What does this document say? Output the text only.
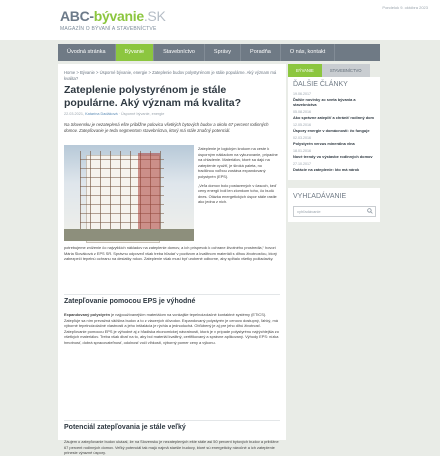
ABC-bývanie.SK
MAGAZÍN O BÝVANÍ A STAVEBNÍCTVE
Pondelok 9. októbra 2023
Úvodná stránka	Bývanie	Stavebníctvo	Správy	Poradňa	O nás, kontakt
Home > Bývanie > Úsporné bývanie, energie > Zateplenie budov polystyrénom je stále populárne. Aký význam má kvalita?
Zateplenie polystyrénom je stále populárne. Aký význam má kvalita?
22.03.2021, Katarína Dadáková · Úsporné bývanie, energie
Na Slovensku je nezateplená ešte približne polovica všetkých bytových budov a okolo 67 percent rodinných domov. Zatepľovanie je teda segmentom stavebníctva, ktorý má stále značný potenciál.
Zateplenie je logickým krokom na ceste k úsporným nákladom na vykurovanie, prípadne na chladenie. Materiálov, ktoré sa dajú na zateplenie využiť, je široká paleta, no tradičnou voľbou zostáva expandovaný polystyrén (EPS).
„Veľa domov bolo postavených v časoch, keď ceny energií boli len zlomkom toho, čo budú dnes. Otázka energetických úspor stále rastie ako jedna z nich.
potrebujeme zníženie čo najvyšších nákladov na zateplenie domov, a ich príspevok k ochrane životného prostredia,“ hovorí Mária Slováková z EPS SR. Správnu odpoveď však treba hľadať v poctivom a kvalitnom materiáli s dlhou životnosťou, ktorý zabezpečí tepelnú ochranu na desiatky rokov. Zateplenie však musí byť urobené odborne, aby spĺňalo všetky požiadavky.
Zatepľovanie pomocou EPS je výhodné
Expandovaný polystyrén je najpoužívanejším materiálom na vonkajšie tepelnoizolačné kontaktné systémy (ETICS). Zatepľuje sa ním prevažná väčšina budov a to z viacerých dôvodov. Expandovaný polystyrén je cenovo dostupný, ľahký, má výborné tepelnoizolačné vlastnosti a jeho inštalácia je rýchla a jednoduchá. Obľúbený je aj pre jeho dlhú životnosť. Zatepľovanie pomocou EPS je výhodné aj z hľadiska ekonomickej návratnosti, ktorá je v prípade polystyrénu najrýchlejšia zo všetkých materiálov. Treba však dbať na to, aby bol materiál kvalitný, certifikovaný a správne aplikovaný. Výhody EPS: nízka hmotnosť, dobrá spracovateľnosť, odolnosť voči vlhkosti, výborný pomer ceny a výkonu.
Potenciál zatepľovania je stále veľký
Záujem o zatepľovanie budov ukázal, že na Slovensku je nezateplených ešte stále asi 50 percent bytových budov a približne 67 percent rodinných domov. Veľký potenciál tak majú najmä staršie budovy, ktoré sú energeticky náročné a ich zateplenie prinesie výrazné úspory.
BÝVANIE	STAVEBNÍCTVO
ĎALŠIE ČLÁNKY
19.06.2017
Ďalšie novinky zo sveta bývania a stavebníctva
05.08.2016
Ako správne zatepliť a chrániť rodinný dom
12.05.2016
Úspory energie v domácnosti: čo funguje
02.03.2016
Polystyrén verzus minerálna vlna
18.01.2016
Nové trendy vo výstavbe rodinných domov
27.10.2017
Dotácie na zateplenie: kto má nárok
VYHĽADÁVANIE
vyhľadávanie
